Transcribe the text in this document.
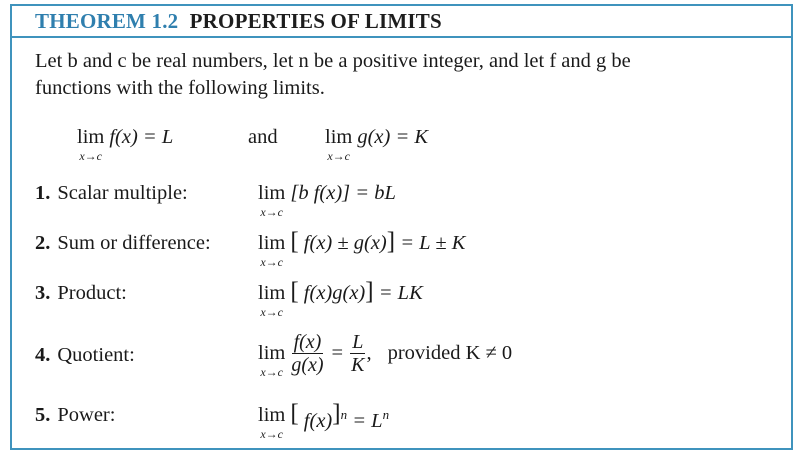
THEOREM 1.2 PROPERTIES OF LIMITS
Let b and c be real numbers, let n be a positive integer, and let f and g be
functions with the following limits.
lim
x→c
f(x) = L	and lim
x→c
g(x) = K
1. Scalar multiple:	lim
x→c
[b f(x)] = bL
2. Sum or difference: lim
x→c
[ f(x) ± g(x)] = L ± K
3. Product:	lim
x→c
[ f(x)g(x)] = LK
4. Quotient:	lim
$x\to c \frac{f(x)}{g(x)} = \frac{L}{K}$ , provided K ≠ 0
5. Power:	lim
x→c
[ $f(x)]^n = L^n$
